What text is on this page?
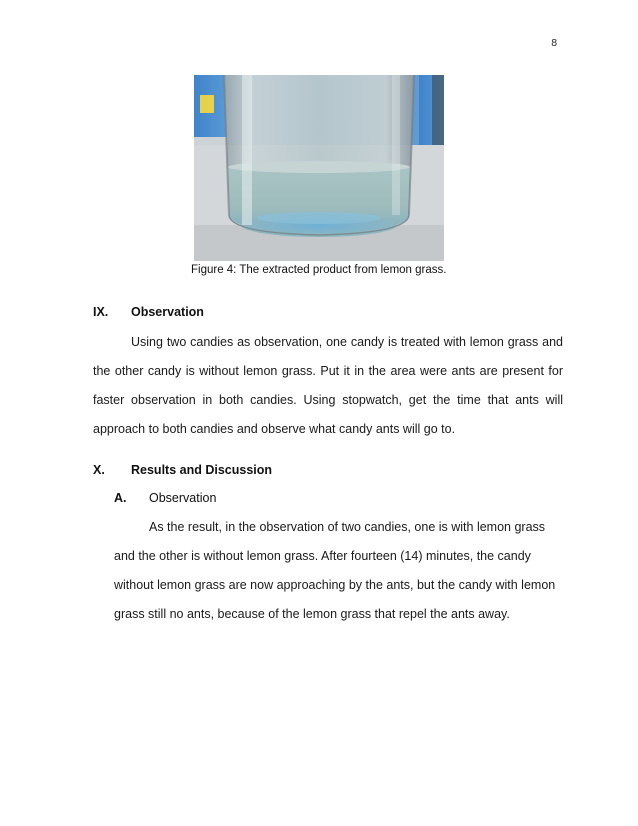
8
Figure 4: The extracted product from lemon grass.
IX. Observation
Using two candies as observation, one candy is treated with lemon grass and
the other candy is without lemon grass. Put it in the area were ants are present for
faster observation in both candies. Using stopwatch, get the time that ants will
approach to both candies and observe what candy ants will go to.
X. Results and Discussion
A. Observation
As the result, in the observation of two candies, one is with lemon grass
and the other is without lemon grass. After fourteen (14) minutes, the candy
without lemon grass are now approaching by the ants, but the candy with lemon
grass still no ants, because of the lemon grass that repel the ants away.
